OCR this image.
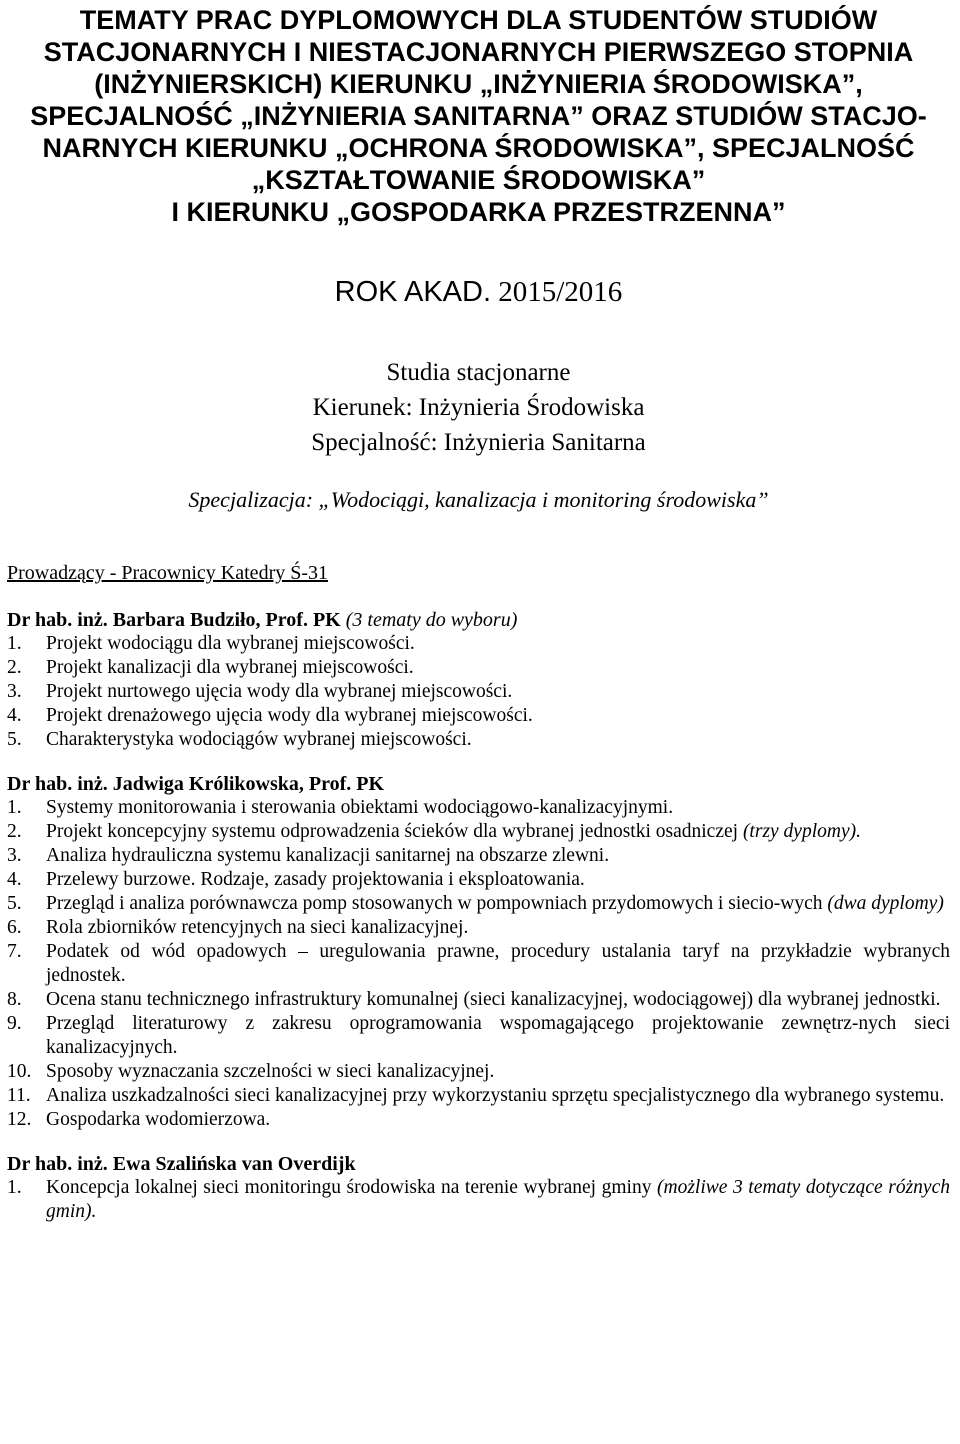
TEMATY PRAC DYPLOMOWYCH DLA STUDENTÓW STUDIÓW
STACJONARNYCH I NIESTACJONARNYCH PIERWSZEGO STOPNIA
(INŻYNIERSKICH) KIERUNKU „INŻYNIERIA ŚRODOWISKA”,
SPECJALNOŚĆ „INŻYNIERIA SANITARNA” ORAZ STUDIÓW STACJO-
NARNYCH KIERUNKU „OCHRONA ŚRODOWISKA”, SPECJALNOŚĆ
„KSZTAŁTOWANIE ŚRODOWISKA”
I KIERUNKU „GOSPODARKA PRZESTRZENNA”
ROK AKAD. 2015/2016
Studia stacjonarne
Kierunek: Inżynieria Środowiska
Specjalność: Inżynieria Sanitarna
Specjalizacja: „Wodociągi, kanalizacja i monitoring środowiska”
Prowadzący - Pracownicy Katedry Ś-31
Dr hab. inż. Barbara Budziło, Prof. PK (3 tematy do wyboru)
1.	Projekt wodociągu dla wybranej miejscowości.
2.	Projekt kanalizacji dla wybranej miejscowości.
3.	Projekt nurtowego ujęcia wody dla wybranej miejscowości.
4.	Projekt drenażowego ujęcia wody dla wybranej miejscowości.
5.	Charakterystyka wodociągów wybranej miejscowości.
Dr hab. inż. Jadwiga Królikowska, Prof. PK
1.	Systemy monitorowania i sterowania obiektami wodociągowo-kanalizacyjnymi.
2.	Projekt koncepcyjny systemu odprowadzenia ścieków dla wybranej jednostki osadniczej (trzy dyplomy).
3.	Analiza hydrauliczna systemu kanalizacji sanitarnej na obszarze zlewni.
4.	Przelewy burzowe. Rodzaje, zasady projektowania i eksploatowania.
5.	Przegląd i analiza porównawcza pomp stosowanych w pompowniach przydomowych i siecio-wych (dwa dyplomy)
6.	Rola zbiorników retencyjnych na sieci kanalizacyjnej.
7.	Podatek od wód opadowych – uregulowania prawne, procedury ustalania taryf na przykładzie wybranych jednostek.
8.	Ocena stanu technicznego infrastruktury komunalnej (sieci kanalizacyjnej, wodociągowej) dla wybranej jednostki.
9.	Przegląd literaturowy z zakresu oprogramowania wspomagającego projektowanie zewnętrz-nych sieci kanalizacyjnych.
10. Sposoby wyznaczania szczelności w sieci kanalizacyjnej.
11. Analiza uszkadzalności sieci kanalizacyjnej przy wykorzystaniu sprzętu specjalistycznego dla wybranego systemu.
12. Gospodarka wodomierzowa.
Dr hab. inż. Ewa Szalińska van Overdijk
1.	Koncepcja lokalnej sieci monitoringu środowiska na terenie wybranej gminy (możliwe 3 tematy dotyczące różnych gmin).
